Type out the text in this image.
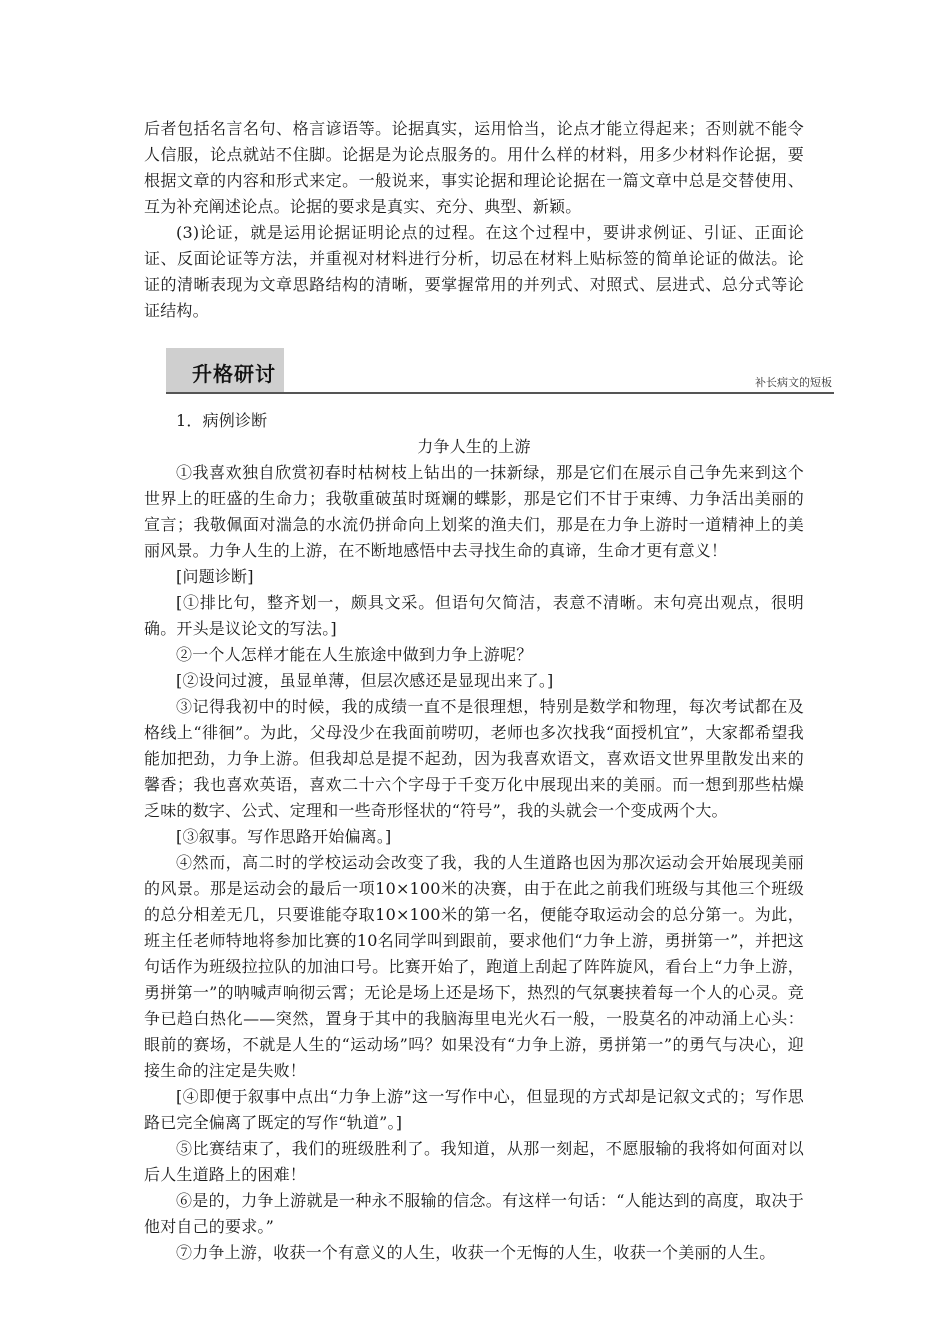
后者包括名言名句、格言谚语等。论据真实，运用恰当，论点才能立得起来；否则就不能令人信服，论点就站不住脚。论据是为论点服务的。用什么样的材料，用多少材料作论据，要根据文章的内容和形式来定。一般说来，事实论据和理论论据在一篇文章中总是交替使用、互为补充阐述论点。论据的要求是真实、充分、典型、新颖。

(3)论证，就是运用论据证明论点的过程。在这个过程中，要讲求例证、引证、正面论证、反面论证等方法，并重视对材料进行分析，切忌在材料上贴标签的简单论证的做法。论证的清晰表现为文章思路结构的清晰，要掌握常用的并列式、对照式、层进式、总分式等论证结构。

升格研讨	补长病文的短板

1．病例诊断

力争人生的上游

①我喜欢独自欣赏初春时枯树枝上钻出的一抹新绿，那是它们在展示自己争先来到这个世界上的旺盛的生命力；我敬重破茧时斑斓的蝶影，那是它们不甘于束缚、力争活出美丽的宣言；我敬佩面对湍急的水流仍拼命向上划桨的渔夫们，那是在力争上游时一道精神上的美丽风景。力争人生的上游，在不断地感悟中去寻找生命的真谛，生命才更有意义！

[问题诊断]

[①排比句，整齐划一，颇具文采。但语句欠简洁，表意不清晰。末句亮出观点，很明确。开头是议论文的写法。]

②一个人怎样才能在人生旅途中做到力争上游呢？

[②设问过渡，虽显单薄，但层次感还是显现出来了。]

③记得我初中的时候，我的成绩一直不是很理想，特别是数学和物理，每次考试都在及格线上“徘徊”。为此，父母没少在我面前唠叨，老师也多次找我“面授机宜”，大家都希望我能加把劲，力争上游。但我却总是提不起劲，因为我喜欢语文，喜欢语文世界里散发出来的馨香；我也喜欢英语，喜欢二十六个字母于千变万化中展现出来的美丽。而一想到那些枯燥乏味的数字、公式、定理和一些奇形怪状的“符号”，我的头就会一个变成两个大。

[③叙事。写作思路开始偏离。]

④然而，高二时的学校运动会改变了我，我的人生道路也因为那次运动会开始展现美丽的风景。那是运动会的最后一项10×100米的决赛，由于在此之前我们班级与其他三个班级的总分相差无几，只要谁能夺取10×100米的第一名，便能夺取运动会的总分第一。为此，班主任老师特地将参加比赛的10名同学叫到跟前，要求他们“力争上游，勇拼第一”，并把这句话作为班级拉拉队的加油口号。比赛开始了，跑道上刮起了阵阵旋风，看台上“力争上游，勇拼第一”的呐喊声响彻云霄；无论是场上还是场下，热烈的气氛裹挟着每一个人的心灵。竞争已趋白热化——突然，置身于其中的我脑海里电光火石一般，一股莫名的冲动涌上心头：眼前的赛场，不就是人生的“运动场”吗？如果没有“力争上游，勇拼第一”的勇气与决心，迎接生命的注定是失败！

[④即便于叙事中点出“力争上游”这一写作中心，但显现的方式却是记叙文式的；写作思路已完全偏离了既定的写作“轨道”。]

⑤比赛结束了，我们的班级胜利了。我知道，从那一刻起，不愿服输的我将如何面对以后人生道路上的困难！

⑥是的，力争上游就是一种永不服输的信念。有这样一句话：“人能达到的高度，取决于他对自己的要求。”

⑦力争上游，收获一个有意义的人生，收获一个无悔的人生，收获一个美丽的人生。
